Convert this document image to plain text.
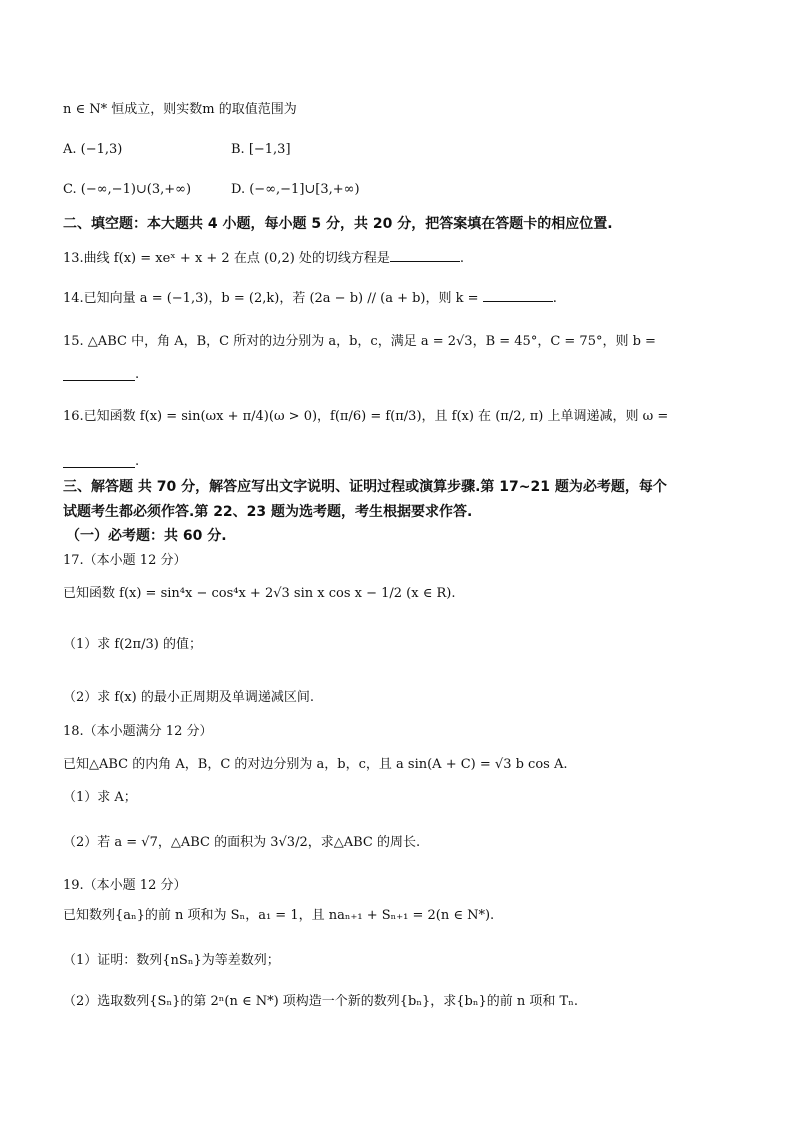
n ∈ N* 恒成立，则实数m 的取值范围为
A. (−1,3)	B. [−1,3]
C. (−∞,−1)∪(3,+∞)	D. (−∞,−1]∪[3,+∞)
二、填空题：本大题共 4 小题，每小题 5 分，共 20 分，把答案填在答题卡的相应位置.
13.曲线 f(x) = xeˣ + x + 2 在点 (0,2) 处的切线方程是	.
14.已知向量 a = (−1,3)，b = (2,k)，若 (2a − b) // (a + b)，则 k =	.
15. △ABC 中，角 A，B，C 所对的边分别为 a，b，c，满足 a = 2√3，B = 45°，C = 75°，则 b =
.
16.已知函数 f(x) = sin(ωx + π/4)(ω > 0)，f(π/6) = f(π/3)，且 f(x) 在 (π/2, π) 上单调递减，则 ω =
.
三、解答题 共 70 分，解答应写出文字说明、证明过程或演算步骤.第 17~21 题为必考题，每个
试题考生都必须作答.第 22、23 题为选考题，考生根据要求作答.
（一）必考题：共 60 分.
17.（本小题 12 分）
已知函数 f(x) = sin⁴x − cos⁴x + 2√3 sin x cos x − 1/2 (x ∈ R).
（1）求 f(2π/3) 的值；
（2）求 f(x) 的最小正周期及单调递减区间.
18.（本小题满分 12 分）
已知△ABC 的内角 A，B，C 的对边分别为 a，b，c，且 a sin(A + C) = √3 b cos A.
（1）求 A；
（2）若 a = √7，△ABC 的面积为 3√3/2，求△ABC 的周长.
19.（本小题 12 分）
已知数列{aₙ}的前 n 项和为 Sₙ，a₁ = 1，且 naₙ₊₁ + Sₙ₊₁ = 2(n ∈ N*).
（1）证明：数列{nSₙ}为等差数列；
（2）选取数列{Sₙ}的第 2ⁿ(n ∈ N*) 项构造一个新的数列{bₙ}，求{bₙ}的前 n 项和 Tₙ.
